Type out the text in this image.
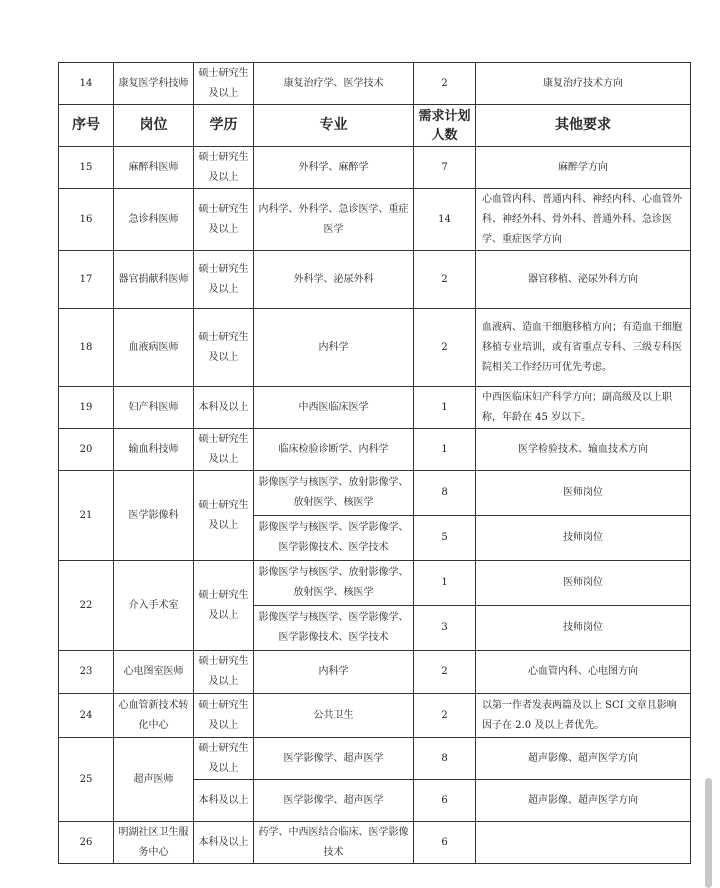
14	康复医学科技师	硕士研究生及以上	康复治疗学、医学技术	2	康复治疗技术方向
序号	岗位	学历	专业	需求计划人数	其他要求
15	麻醉科医师	硕士研究生及以上	外科学、麻醉学	7	麻醉学方向
16	急诊科医师	硕士研究生及以上	内科学、外科学、急诊医学、重症医学	14	心血管内科、普通内科、神经内科、心血管外科、神经外科、骨外科、普通外科、急诊医学、重症医学方向
17	器官捐献科医师	硕士研究生及以上	外科学、泌尿外科	2	器官移植、泌尿外科方向
18	血液病医师	硕士研究生及以上	内科学	2	血液病、造血干细胞移植方向；有造血干细胞移植专业培训，或有省重点专科、三级专科医院相关工作经历可优先考虑。
19	妇产科医师	本科及以上	中西医临床医学	1	中西医临床妇产科学方向；副高级及以上职称，年龄在 45 岁以下。
20	输血科技师	硕士研究生及以上	临床检验诊断学、内科学	1	医学检验技术、输血技术方向
21	医学影像科	硕士研究生及以上	影像医学与核医学、放射影像学、放射医学、核医学	8	医师岗位
			影像医学与核医学、医学影像学、医学影像技术、医学技术	5	技师岗位
22	介入手术室	硕士研究生及以上	影像医学与核医学、放射影像学、放射医学、核医学	1	医师岗位
			影像医学与核医学、医学影像学、医学影像技术、医学技术	3	技师岗位
23	心电图室医师	硕士研究生及以上	内科学	2	心血管内科、心电图方向
24	心血管新技术转化中心	硕士研究生及以上	公共卫生	2	以第一作者发表两篇及以上 SCI 文章且影响因子在 2.0 及以上者优先。
25	超声医师	硕士研究生及以上	医学影像学、超声医学	8	超声影像、超声医学方向
		本科及以上	医学影像学、超声医学	6	超声影像、超声医学方向
26	明湖社区卫生服务中心	本科及以上	药学、中西医结合临床、医学影像技术	6	
